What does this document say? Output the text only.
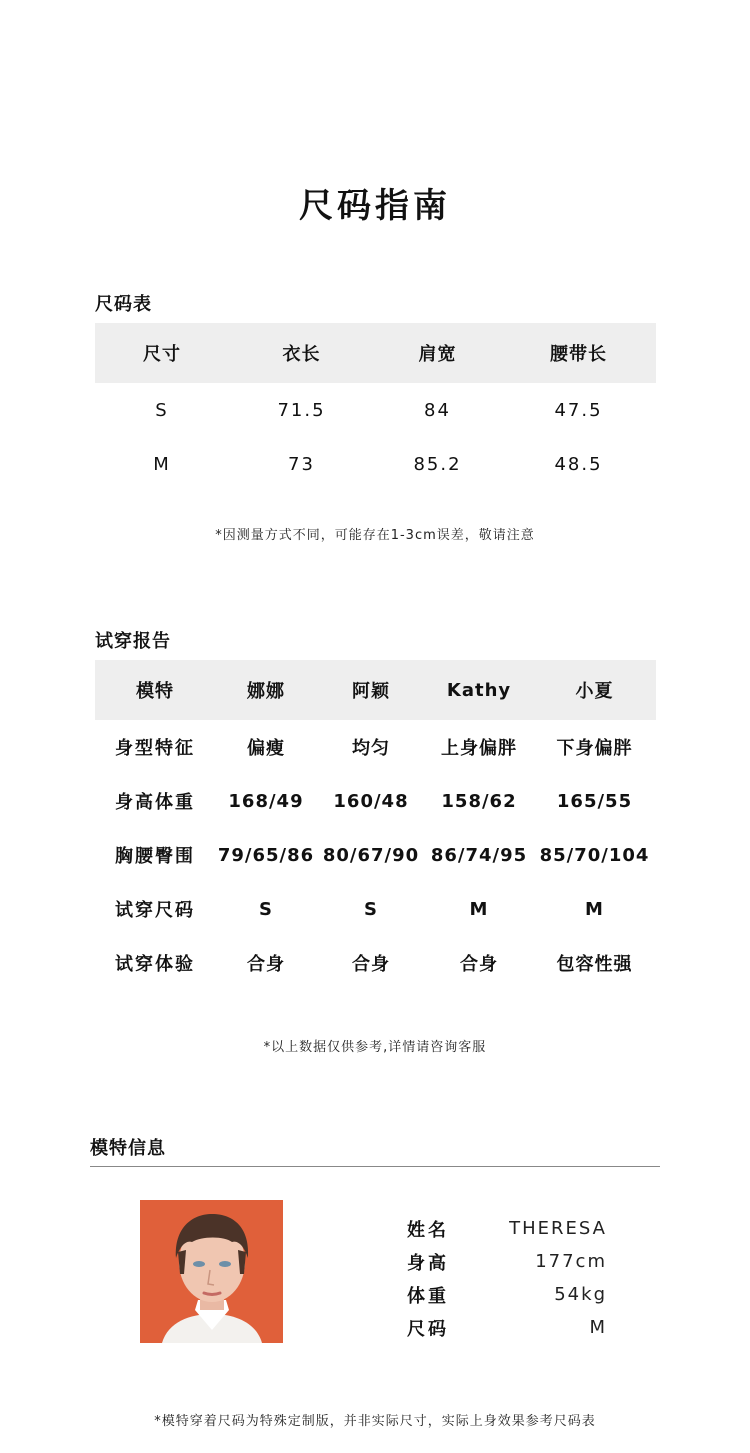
尺码指南
尺码表
尺寸	衣长	肩宽	腰带长
S	71.5	84	47.5
M	73	85.2	48.5
*因测量方式不同，可能存在1-3cm误差，敬请注意
试穿报告
模特	娜娜	阿颖	Kathy	小夏
身型特征	偏瘦	均匀	上身偏胖	下身偏胖
身高体重	168/49	160/48	158/62	165/55
胸腰臀围	79/65/86	80/67/90	86/74/95	85/70/104
试穿尺码	S	S	M	M
试穿体验	合身	合身	合身	包容性强
*以上数据仅供参考,详情请咨询客服
模特信息
姓名	THERESA
身高	177cm
体重	54kg
尺码	M
*模特穿着尺码为特殊定制版，并非实际尺寸，实际上身效果参考尺码表
